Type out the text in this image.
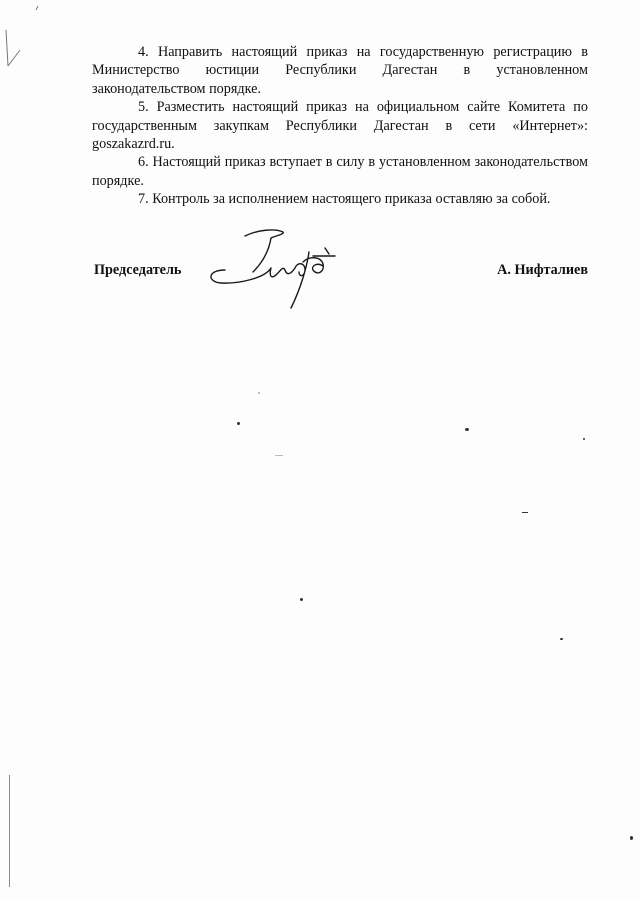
4. Направить настоящий приказ на государственную регистрацию в Министерство юстиции Республики Дагестан в установленном законодательством порядке.

5. Разместить настоящий приказ на официальном сайте Комитета по государственным закупкам Республики Дагестан в сети «Интернет»: goszakazrd.ru.

6. Настоящий приказ вступает в силу в установленном законодательством порядке.

7. Контроль за исполнением настоящего приказа оставляю за собой.

Председатель	А. Нифталиев
